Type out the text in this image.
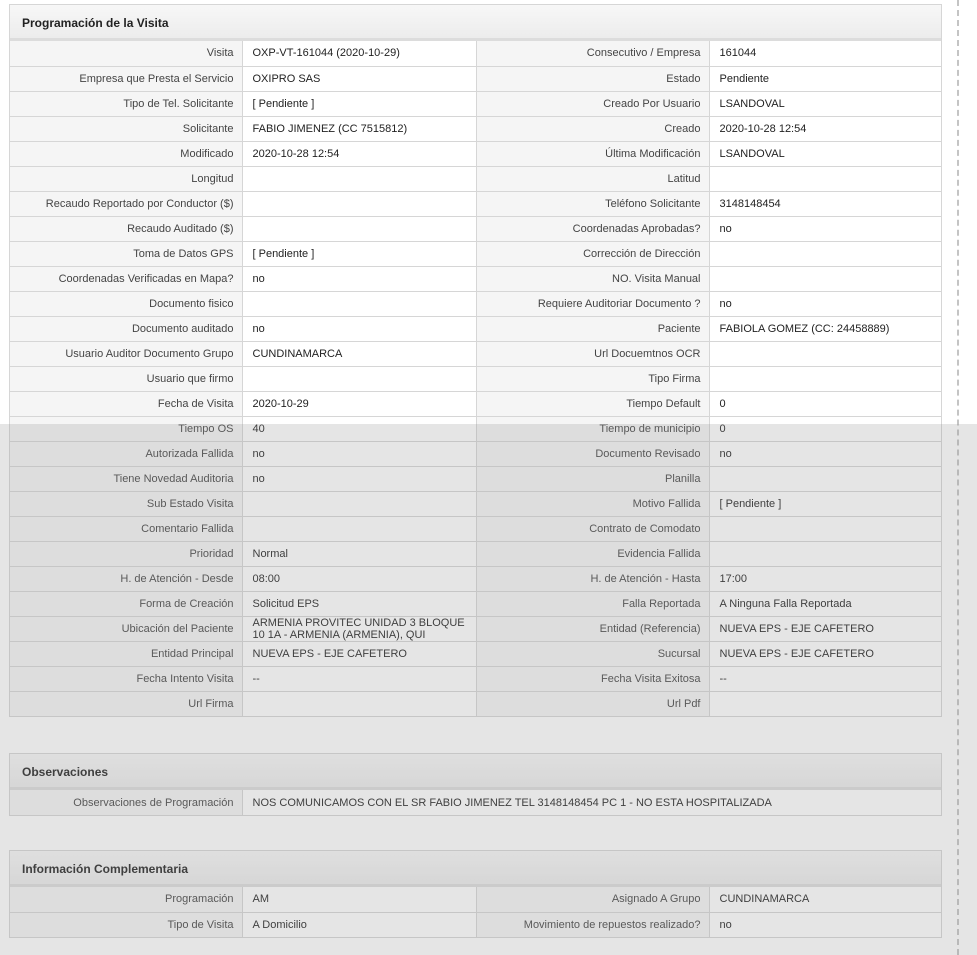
Programación de la Visita
Visita	OXP-VT-161044 (2020-10-29)	Consecutivo / Empresa	161044
Empresa que Presta el Servicio	OXIPRO SAS	Estado	Pendiente
Tipo de Tel. Solicitante	[ Pendiente ]	Creado Por Usuario	LSANDOVAL
Solicitante	FABIO JIMENEZ (CC 7515812)	Creado	2020-10-28 12:54
Modificado	2020-10-28 12:54	Última Modificación	LSANDOVAL
Longitud		Latitud	
Recaudo Reportado por Conductor ($)		Teléfono Solicitante	3148148454
Recaudo Auditado ($)		Coordenadas Aprobadas?	no
Toma de Datos GPS	[ Pendiente ]	Corrección de Dirección	
Coordenadas Verificadas en Mapa?	no	NO. Visita Manual	
Documento fisico		Requiere Auditoriar Documento ?	no
Documento auditado	no	Paciente	FABIOLA GOMEZ (CC: 24458889)
Usuario Auditor Documento Grupo	CUNDINAMARCA	Url Docuemtnos OCR	
Usuario que firmo		Tipo Firma	
Fecha de Visita	2020-10-29	Tiempo Default	0
Tiempo OS	40	Tiempo de municipio	0
Autorizada Fallida	no	Documento Revisado	no
Tiene Novedad Auditoria	no	Planilla	
Sub Estado Visita		Motivo Fallida	[ Pendiente ]
Comentario Fallida		Contrato de Comodato	
Prioridad	Normal	Evidencia Fallida	
H. de Atención - Desde	08:00	H. de Atención - Hasta	17:00
Forma de Creación	Solicitud EPS	Falla Reportada	A Ninguna Falla Reportada
Ubicación del Paciente	ARMENIA PROVITEC UNIDAD 3 BLOQUE 10 1A - ARMENIA (ARMENIA), QUI	Entidad (Referencia)	NUEVA EPS - EJE CAFETERO
Entidad Principal	NUEVA EPS - EJE CAFETERO	Sucursal	NUEVA EPS - EJE CAFETERO
Fecha Intento Visita	--	Fecha Visita Exitosa	--
Url Firma		Url Pdf	
Observaciones
Observaciones de Programación	NOS COMUNICAMOS CON EL SR FABIO JIMENEZ TEL 3148148454 PC 1 - NO ESTA HOSPITALIZADA
Información Complementaria
Programación	AM	Asignado A Grupo	CUNDINAMARCA
Tipo de Visita	A Domicilio	Movimiento de repuestos realizado?	no
